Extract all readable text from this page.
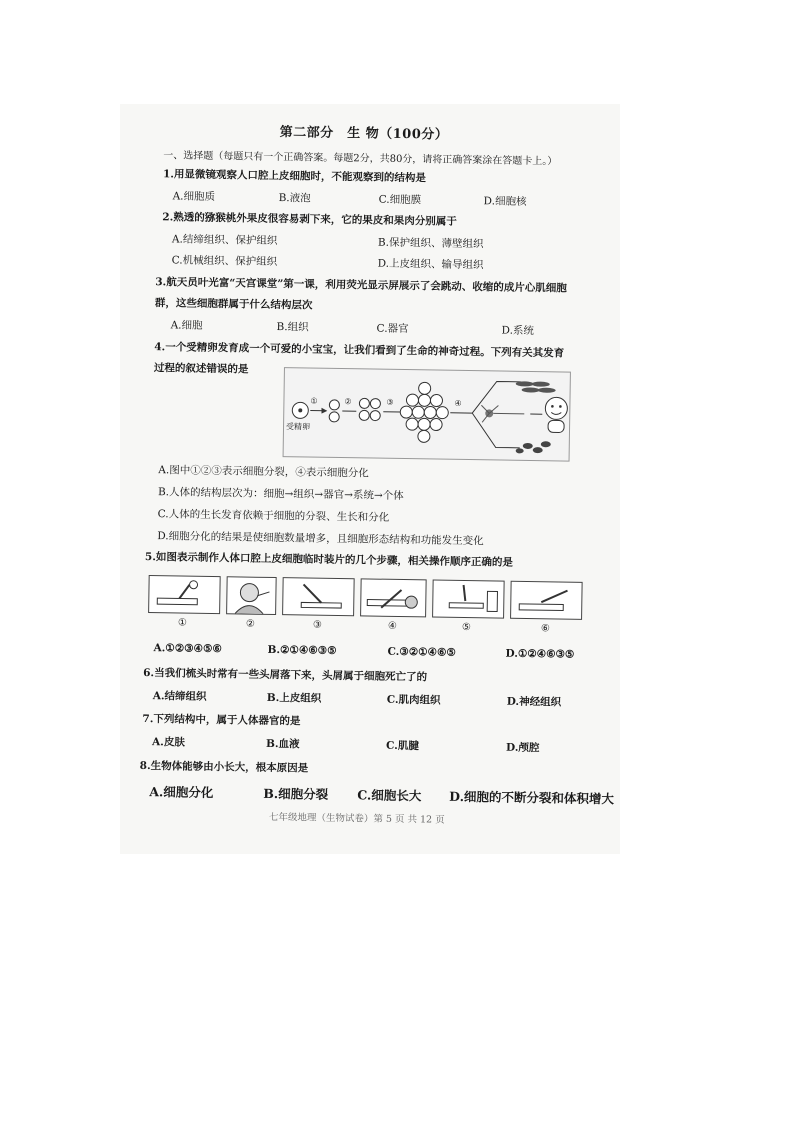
第二部分　生 物（100分）
一、选择题（每题只有一个正确答案。每题2分，共80分，请将正确答案涂在答题卡上。）
1.用显微镜观察人口腔上皮细胞时，不能观察到的结构是
A.细胞质	B.液泡	C.细胞膜	D.细胞核
2.熟透的猕猴桃外果皮很容易剥下来，它的果皮和果肉分别属于
A.结缔组织、保护组织	B.保护组织、薄壁组织
C.机械组织、保护组织	D.上皮组织、输导组织
3.航天员叶光富“天宫课堂”第一课，利用荧光显示屏展示了会跳动、收缩的成片心肌细胞
群，这些细胞群属于什么结构层次
A.细胞	B.组织	C.器官	D.系统
4.一个受精卵发育成一个可爱的小宝宝，让我们看到了生命的神奇过程。下列有关其发育
过程的叙述错误的是
受精卵
①	②	③	④
A.图中①②③表示细胞分裂，④表示细胞分化
B.人体的结构层次为：细胞→组织→器官→系统→个体
C.人体的生长发育依赖于细胞的分裂、生长和分化
D.细胞分化的结果是使细胞数量增多，且细胞形态结构和功能发生变化
5.如图表示制作人体口腔上皮细胞临时装片的几个步骤，相关操作顺序正确的是
①	②	③	④	⑤	⑥
A.①②③④⑤⑥	B.②①④⑥③⑤	C.③②①④⑥⑤	D.①②④⑥③⑤
6.当我们梳头时常有一些头屑落下来，头屑属于细胞死亡了的
A.结缔组织	B.上皮组织	C.肌肉组织	D.神经组织
7.下列结构中，属于人体器官的是
A.皮肤	B.血液	C.肌腱	D.颅腔
8.生物体能够由小长大，根本原因是
A.细胞分化	B.细胞分裂 C.细胞长大 D.细胞的不断分裂和体积增大
七年级地理（生物试卷）第 5 页 共 12 页
